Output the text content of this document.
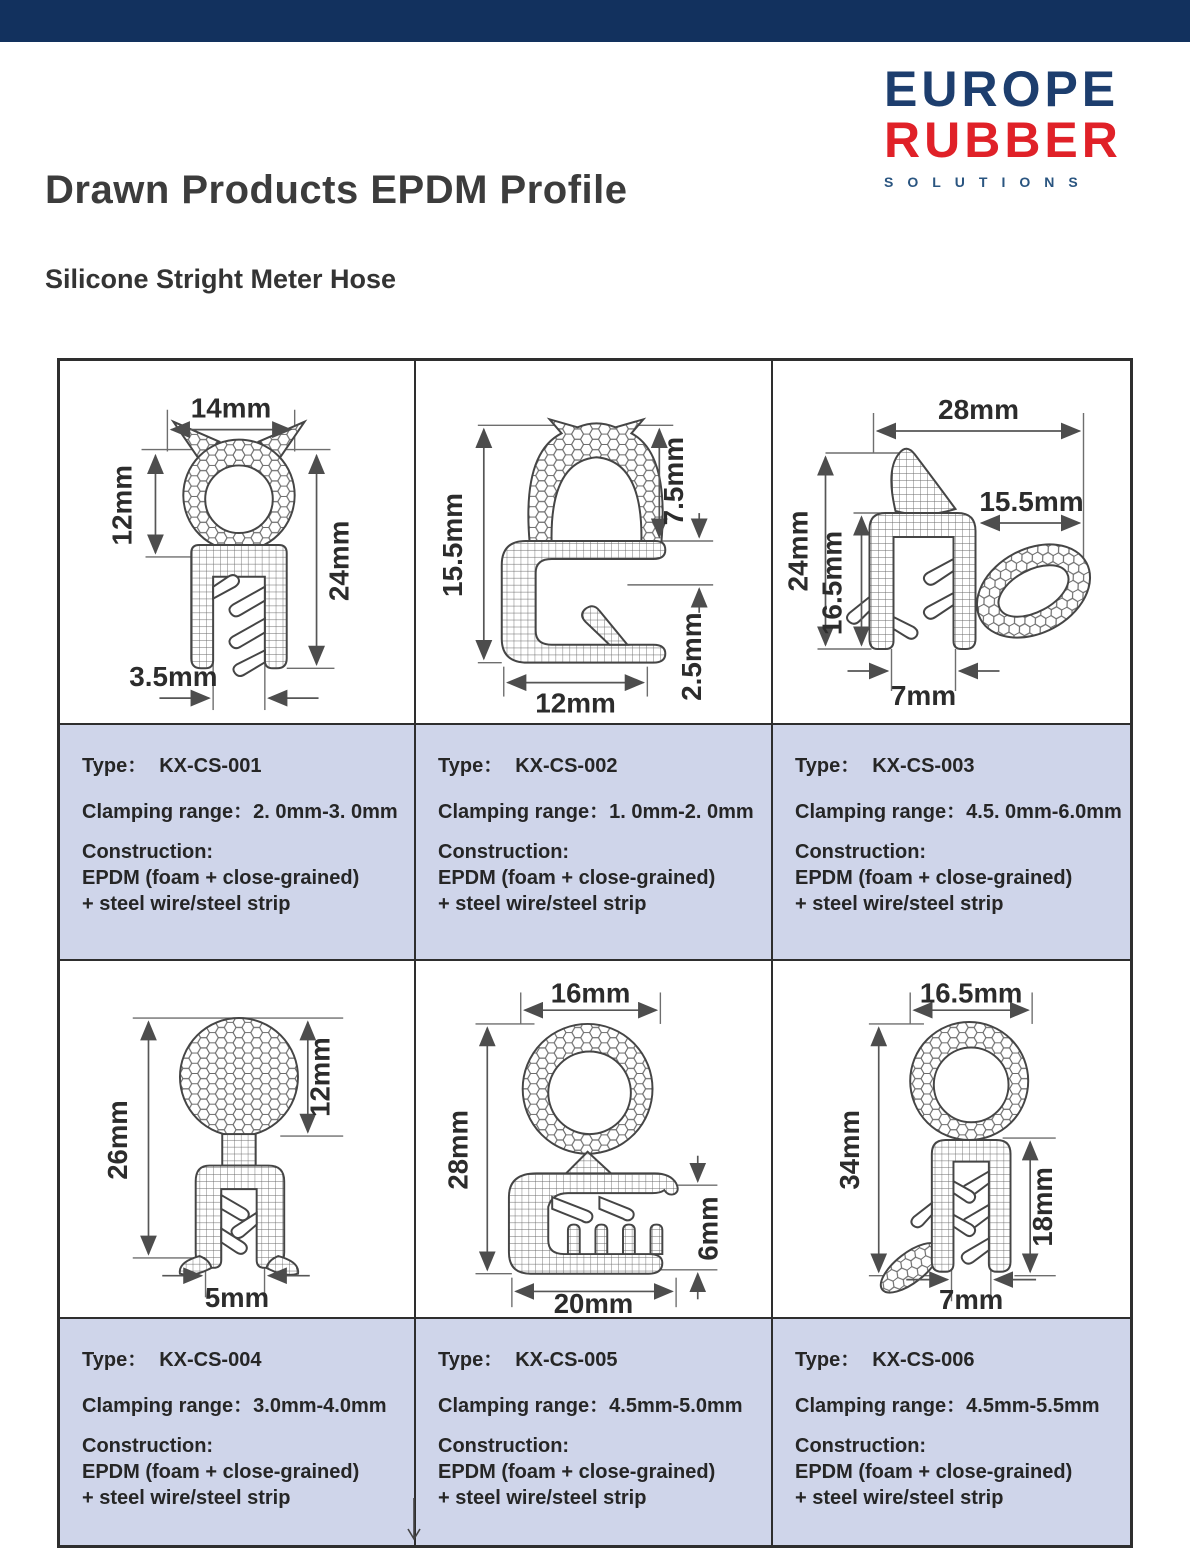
EUROPE
RUBBER
SOLUTIONS
Drawn Products EPDM Profile
Silicone Stright Meter Hose
14mm
12mm
24mm
3.5mm
15.5mm
7.5mm
2.5mm
12mm
28mm
24mm 16.5mm
15.5mm
7mm
Type： KX-CS-001
Clamping range：2. 0mm-3. 0mm
Construction:
EPDM (foam + close-grained)
+ steel wire/steel strip
Type： KX-CS-002
Clamping range：1. 0mm-2. 0mm
Construction:
EPDM (foam + close-grained)
+ steel wire/steel strip
Type： KX-CS-003
Clamping range：4.5. 0mm-6.0mm
Construction:
EPDM (foam + close-grained)
+ steel wire/steel strip
26mm
12mm
5mm
16mm
28mm
6mm
20mm
16.5mm
34mm
18mm
7mm
Type： KX-CS-004
Clamping range：3.0mm-4.0mm
Construction:
EPDM (foam + close-grained)
+ steel wire/steel strip
Type： KX-CS-005
Clamping range：4.5mm-5.0mm
Construction:
EPDM (foam + close-grained)
+ steel wire/steel strip
Type： KX-CS-006
Clamping range：4.5mm-5.5mm
Construction:
EPDM (foam + close-grained)
+ steel wire/steel strip
